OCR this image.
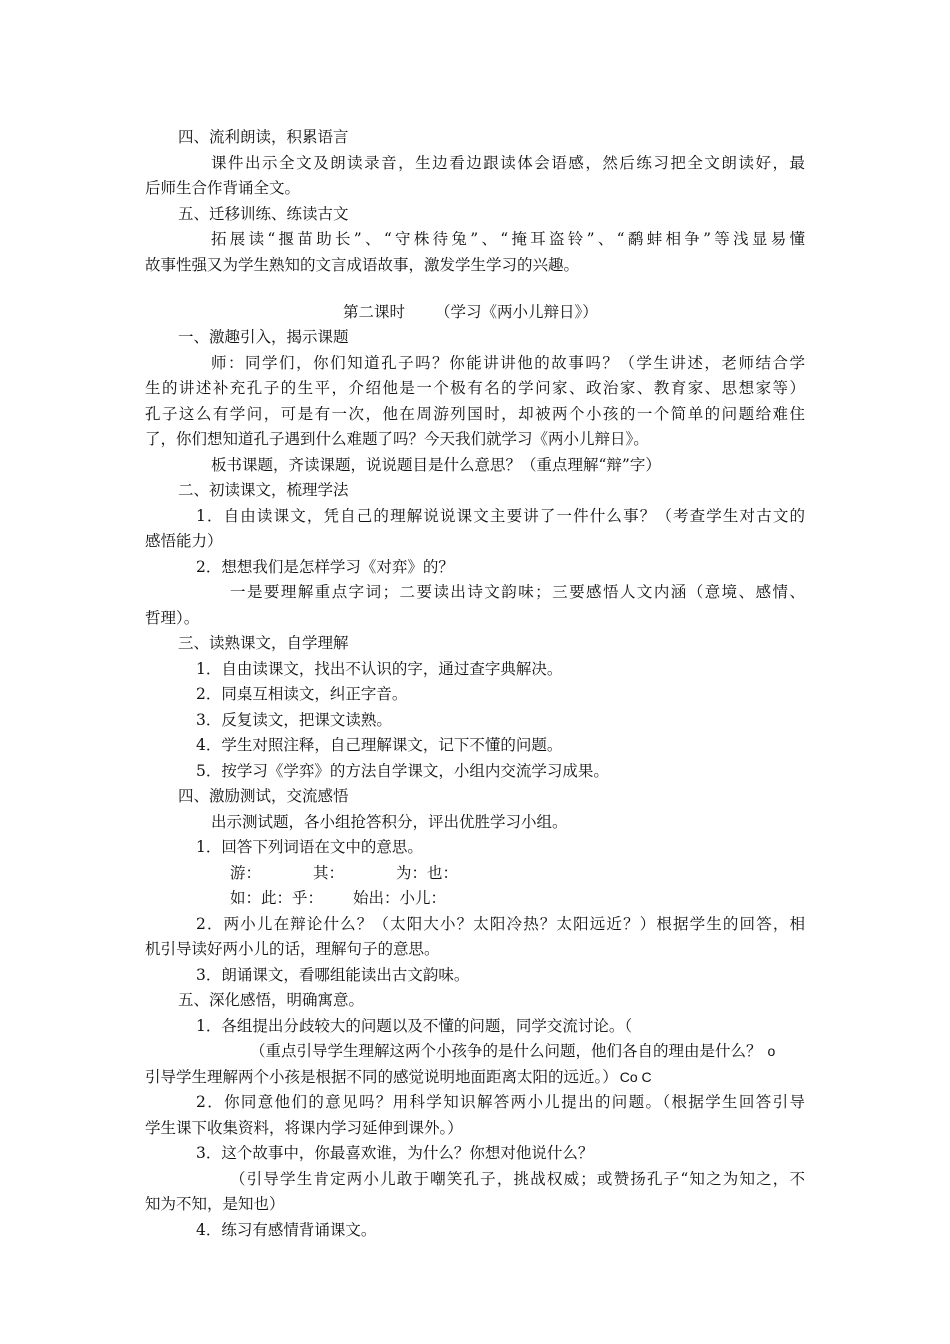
四、流利朗读，积累语言
课件出示全文及朗读录音，生边看边跟读体会语感，然后练习把全文朗读好，最
后师生合作背诵全文。
五、迁移训练、练读古文
拓展读“揠苗助长”、“守株待兔”、“掩耳盗铃”、“鹬蚌相争”等浅显易懂
故事性强又为学生熟知的文言成语故事，激发学生学习的兴趣。
第二课时 （学习《两小儿辩日》）
一、激趣引入，揭示课题
师：同学们，你们知道孔子吗？你能讲讲他的故事吗？（学生讲述，老师结合学
生的讲述补充孔子的生平，介绍他是一个极有名的学问家、政治家、教育家、思想家等）
孔子这么有学问，可是有一次，他在周游列国时，却被两个小孩的一个简单的问题给难住
了，你们想知道孔子遇到什么难题了吗？今天我们就学习《两小儿辩日》。
板书课题，齐读课题，说说题目是什么意思？（重点理解“辩”字）
二、初读课文，梳理学法
1．自由读课文，凭自己的理解说说课文主要讲了一件什么事？（考查学生对古文的
感悟能力）
2．想想我们是怎样学习《对弈》的？
一是要理解重点字词；二要读出诗文韵味；三要感悟人文内涵（意境、感情、
哲理）。
三、读熟课文，自学理解
1．自由读课文，找出不认识的字，通过查字典解决。
2．同桌互相读文，纠正字音。
3．反复读文，把课文读熟。
4．学生对照注释，自己理解课文，记下不懂的问题。
5．按学习《学弈》的方法自学课文，小组内交流学习成果。
四、激励测试，交流感悟
出示测试题，各小组抢答积分，评出优胜学习小组。
1．回答下列词语在文中的意思。
游：	其：	为：也：
如：此：乎： 始出：小儿：
2．两小儿在辩论什么？（太阳大小？太阳冷热？太阳远近？）根据学生的回答，相
机引导读好两小儿的话，理解句子的意思。
3．朗诵课文，看哪组能读出古文韵味。
五、深化感悟，明确寓意。
1．各组提出分歧较大的问题以及不懂的问题，同学交流讨论。（
（重点引导学生理解这两个小孩争的是什么问题，他们各自的理由是什么？ o
引导学生理解两个小孩是根据不同的感觉说明地面距离太阳的远近。） Co C
2．你同意他们的意见吗？用科学知识解答两小儿提出的问题。（根据学生回答引导
学生课下收集资料，将课内学习延伸到课外。）
3．这个故事中，你最喜欢谁，为什么？你想对他说什么？
（引导学生肯定两小儿敢于嘲笑孔子，挑战权威；或赞扬孔子“知之为知之，不
知为不知，是知也）
4．练习有感情背诵课文。
